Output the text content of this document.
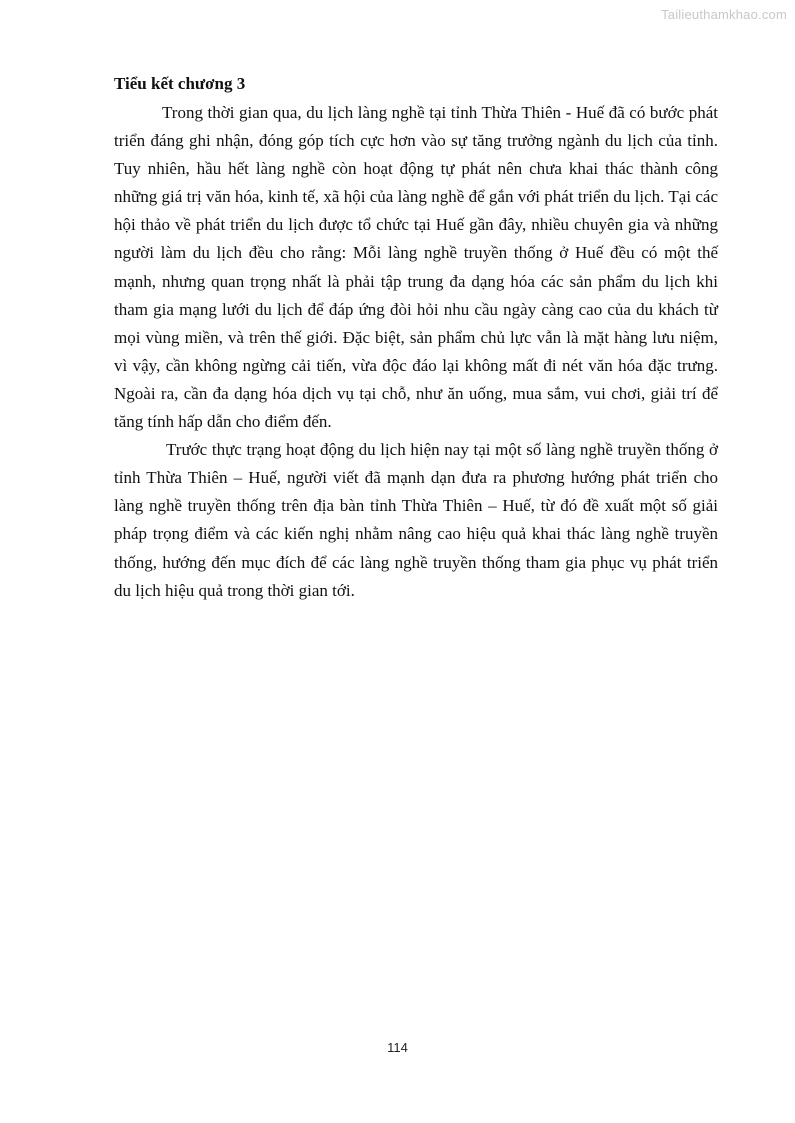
Tailieuthamkhao.com
Tiểu kết chương 3

Trong thời gian qua, du lịch làng nghề tại tỉnh Thừa Thiên - Huế đã có bước phát triển đáng ghi nhận, đóng góp tích cực hơn vào sự tăng trưởng ngành du lịch của tỉnh. Tuy nhiên, hầu hết làng nghề còn hoạt động tự phát nên chưa khai thác thành công những giá trị văn hóa, kinh tế, xã hội của làng nghề để gắn với phát triển du lịch. Tại các hội thảo về phát triển du lịch được tổ chức tại Huế gần đây, nhiều chuyên gia và những người làm du lịch đều cho rằng: Mỗi làng nghề truyền thống ở Huế đều có một thế mạnh, nhưng quan trọng nhất là phải tập trung đa dạng hóa các sản phẩm du lịch khi tham gia mạng lưới du lịch để đáp ứng đòi hỏi nhu cầu ngày càng cao của du khách từ mọi vùng miền, và trên thế giới. Đặc biệt, sản phẩm chủ lực vẫn là mặt hàng lưu niệm, vì vậy, cần không ngừng cải tiến, vừa độc đáo lại không mất đi nét văn hóa đặc trưng. Ngoài ra, cần đa dạng hóa dịch vụ tại chỗ, như ăn uống, mua sắm, vui chơi, giải trí để tăng tính hấp dẫn cho điểm đến.

Trước thực trạng hoạt động du lịch hiện nay tại một số làng nghề truyền thống ở tỉnh Thừa Thiên – Huế, người viết đã mạnh dạn đưa ra phương hướng phát triển cho làng nghề truyền thống trên địa bàn tỉnh Thừa Thiên – Huế, từ đó đề xuất một số giải pháp trọng điểm và các kiến nghị nhằm nâng cao hiệu quả khai thác làng nghề truyền thống, hướng đến mục đích để các làng nghề truyền thống tham gia phục vụ phát triển du lịch hiệu quả trong thời gian tới.

114
